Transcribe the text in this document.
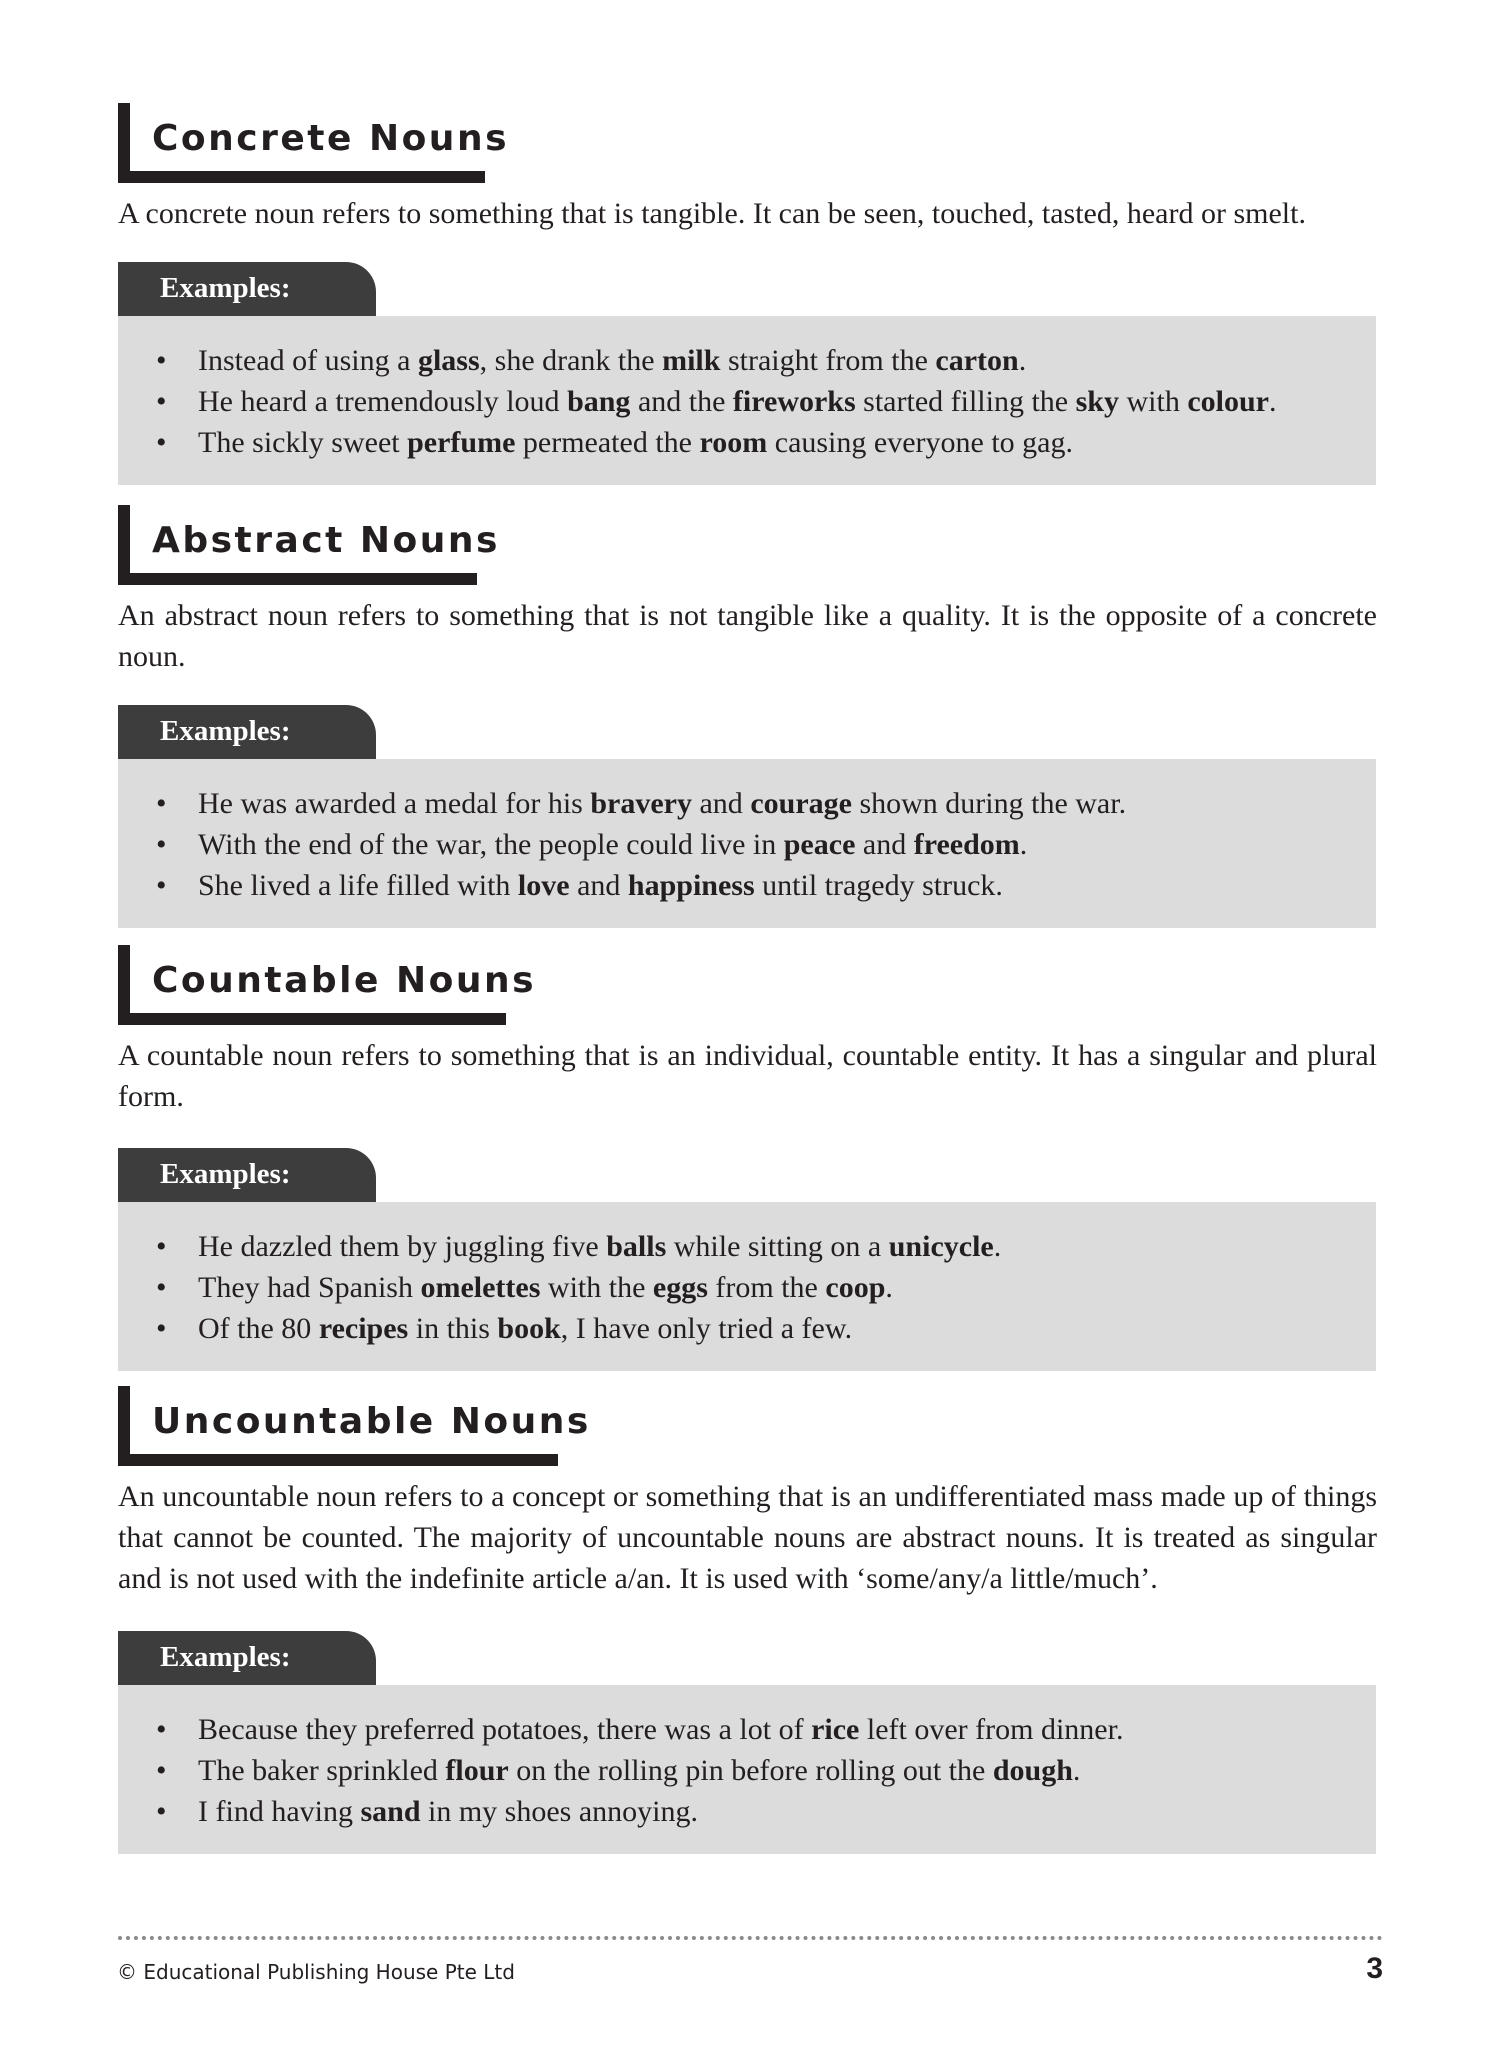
Concrete Nouns
A concrete noun refers to something that is tangible. It can be seen, touched, tasted, heard or smelt.
Examples:
• Instead of using a glass, she drank the milk straight from the carton.
• He heard a tremendously loud bang and the fireworks started filling the sky with colour.
• The sickly sweet perfume permeated the room causing everyone to gag.
Abstract Nouns
An abstract noun refers to something that is not tangible like a quality. It is the opposite of a concrete noun.
Examples:
• He was awarded a medal for his bravery and courage shown during the war.
• With the end of the war, the people could live in peace and freedom.
• She lived a life filled with love and happiness until tragedy struck.
Countable Nouns
A countable noun refers to something that is an individual, countable entity. It has a singular and plural form.
Examples:
• He dazzled them by juggling five balls while sitting on a unicycle.
• They had Spanish omelettes with the eggs from the coop.
• Of the 80 recipes in this book, I have only tried a few.
Uncountable Nouns
An uncountable noun refers to a concept or something that is an undifferentiated mass made up of things that cannot be counted. The majority of uncountable nouns are abstract nouns. It is treated as singular and is not used with the indefinite article a/an. It is used with ‘some/any/a little/much’.
Examples:
• Because they preferred potatoes, there was a lot of rice left over from dinner.
• The baker sprinkled flour on the rolling pin before rolling out the dough.
• I find having sand in my shoes annoying.
© Educational Publishing House Pte Ltd	3
